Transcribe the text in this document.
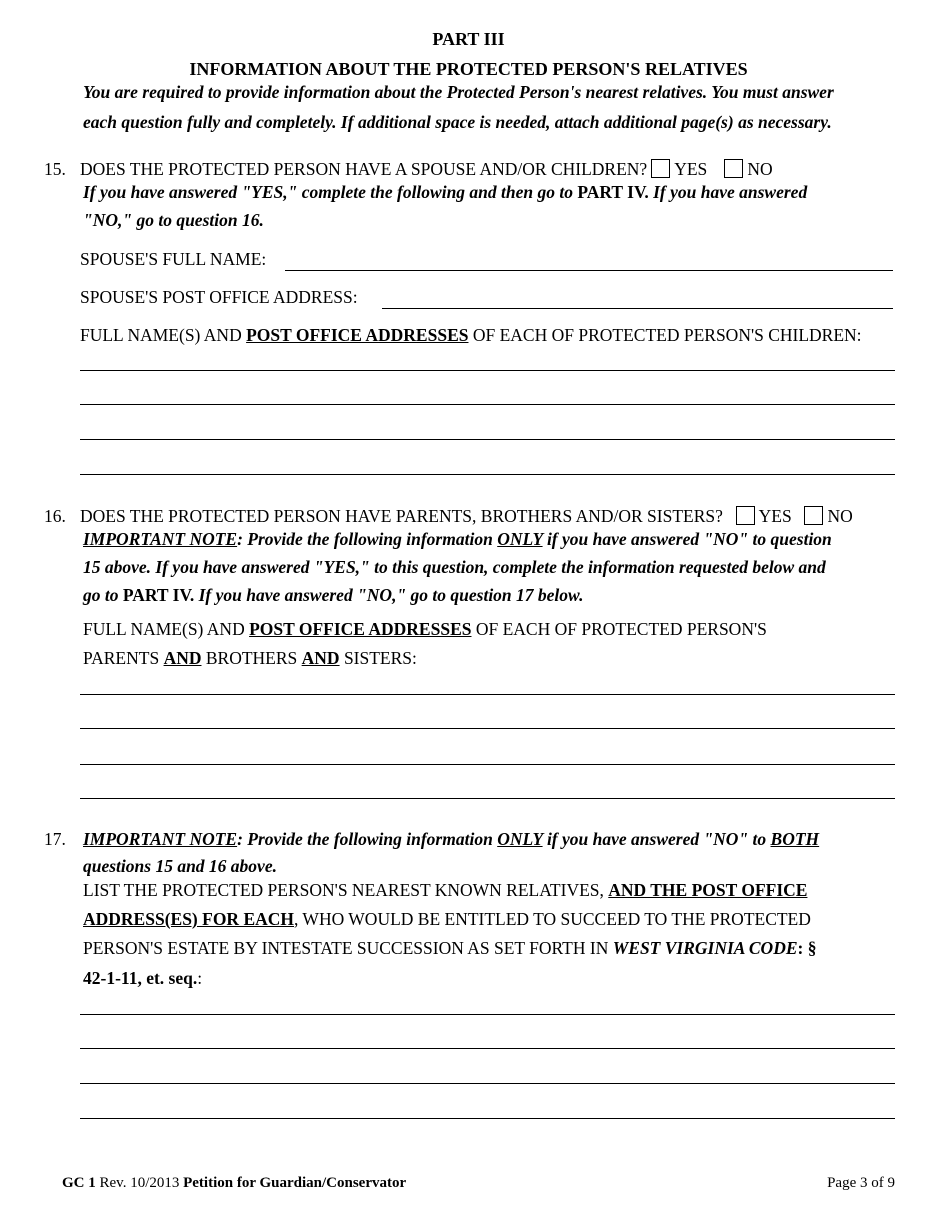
PART III
INFORMATION ABOUT THE PROTECTED PERSON'S RELATIVES
You are required to provide information about the Protected Person's nearest relatives. You must answer
each question fully and completely. If additional space is needed, attach additional page(s) as necessary.
15. DOES THE PROTECTED PERSON HAVE A SPOUSE AND/OR CHILDREN? YES NO
If you have answered "YES," complete the following and then go to PART IV. If you have answered
"NO," go to question 16.
SPOUSE'S FULL NAME:
SPOUSE'S POST OFFICE ADDRESS:
FULL NAME(S) AND POST OFFICE ADDRESSES OF EACH OF PROTECTED PERSON'S CHILDREN:
16. DOES THE PROTECTED PERSON HAVE PARENTS, BROTHERS AND/OR SISTERS? YES NO
IMPORTANT NOTE: Provide the following information ONLY if you have answered "NO" to question
15 above. If you have answered "YES," to this question, complete the information requested below and
go to PART IV. If you have answered "NO," go to question 17 below.
FULL NAME(S) AND POST OFFICE ADDRESSES OF EACH OF PROTECTED PERSON'S
PARENTS AND BROTHERS AND SISTERS:
17. IMPORTANT NOTE: Provide the following information ONLY if you have answered "NO" to BOTH
questions 15 and 16 above.
LIST THE PROTECTED PERSON'S NEAREST KNOWN RELATIVES, AND THE POST OFFICE
ADDRESS(ES) FOR EACH, WHO WOULD BE ENTITLED TO SUCCEED TO THE PROTECTED
PERSON'S ESTATE BY INTESTATE SUCCESSION AS SET FORTH IN WEST VIRGINIA CODE: §
42-1-11, et. seq.:
GC 1 Rev. 10/2013 Petition for Guardian/Conservator	Page 3 of 9
